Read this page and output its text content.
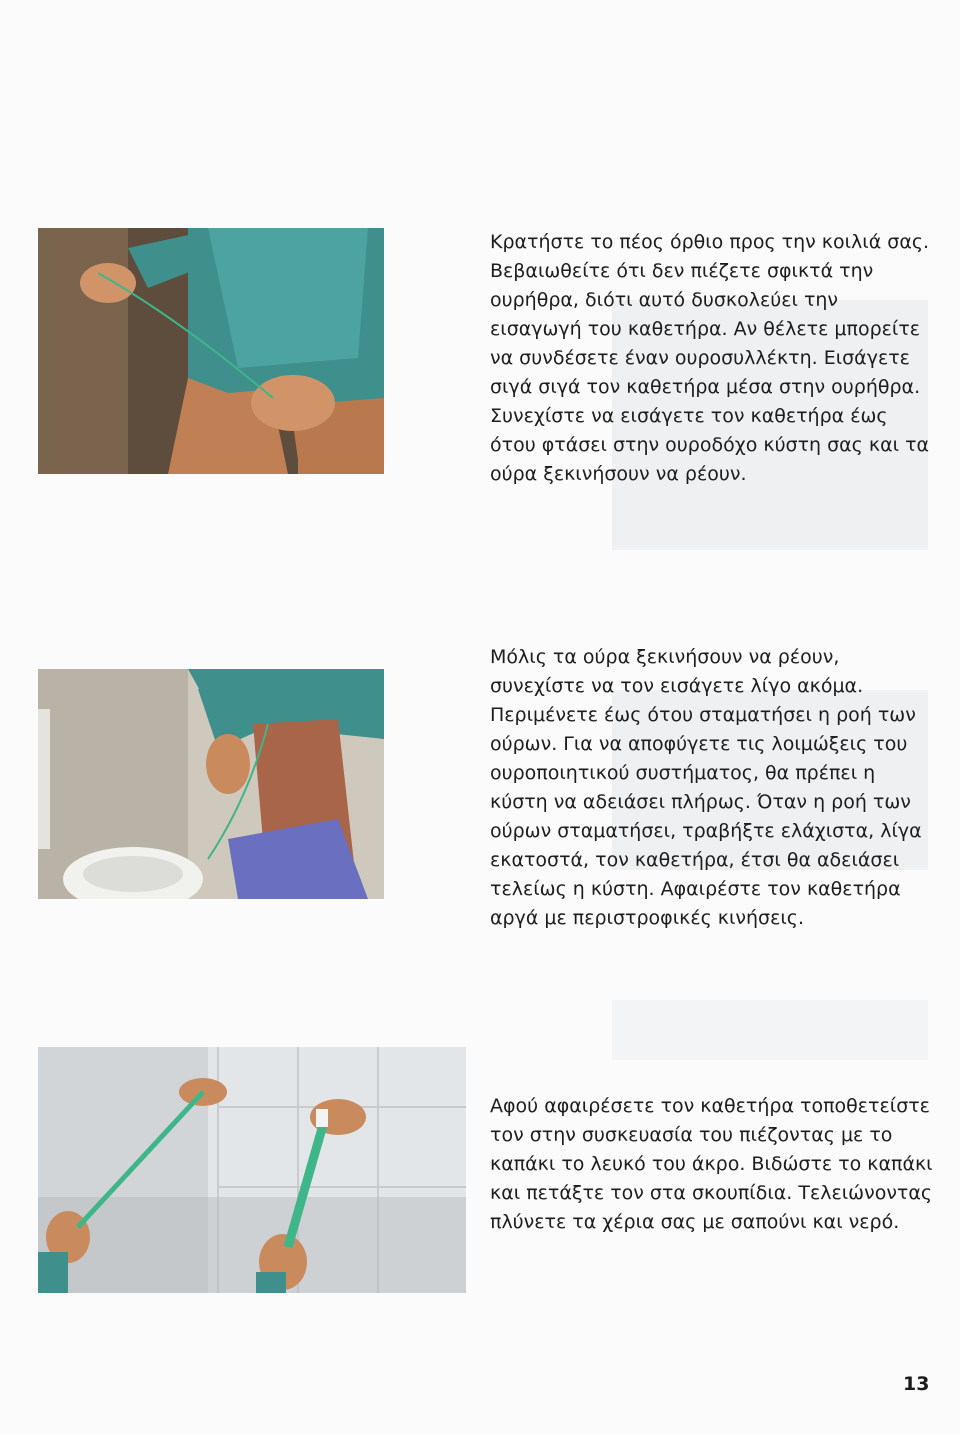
Κρατήστε το πέος όρθιο προς την κοιλιά σας. Βεβαιωθείτε ότι δεν πιέζετε σφικτά την ουρήθρα, διότι αυτό δυσκολεύει την εισαγωγή του καθετήρα. Αν θέλετε μπορείτε να συνδέσετε έναν ουροσυλλέκτη. Εισάγετε σιγά σιγά τον καθετήρα μέσα στην ουρήθρα. Συνεχίστε να εισάγετε τον καθετήρα έως ότου φτάσει στην ουροδόχο κύστη σας και τα ούρα ξεκινήσουν να ρέουν.

Μόλις τα ούρα ξεκινήσουν να ρέουν, συνεχίστε να τον εισάγετε λίγο ακόμα. Περιμένετε έως ότου σταματήσει η ροή των ούρων. Για να αποφύγετε τις λοιμώξεις του ουροποιητικού συστήματος, θα πρέπει η κύστη να αδειάσει πλήρως. Όταν η ροή των ούρων σταματήσει, τραβήξτε ελάχιστα, λίγα εκατοστά, τον καθετήρα, έτσι θα αδειάσει τελείως η κύστη. Αφαιρέστε τον καθετήρα αργά με περιστροφικές κινήσεις.

Αφού αφαιρέσετε τον καθετήρα τοποθετείστε τον στην συσκευασία του πιέζοντας με το καπάκι το λευκό του άκρο. Βιδώστε το καπάκι και πετάξτε τον στα σκουπίδια. Τελειώνοντας πλύνετε τα χέρια σας με σαπούνι και νερό.

13
